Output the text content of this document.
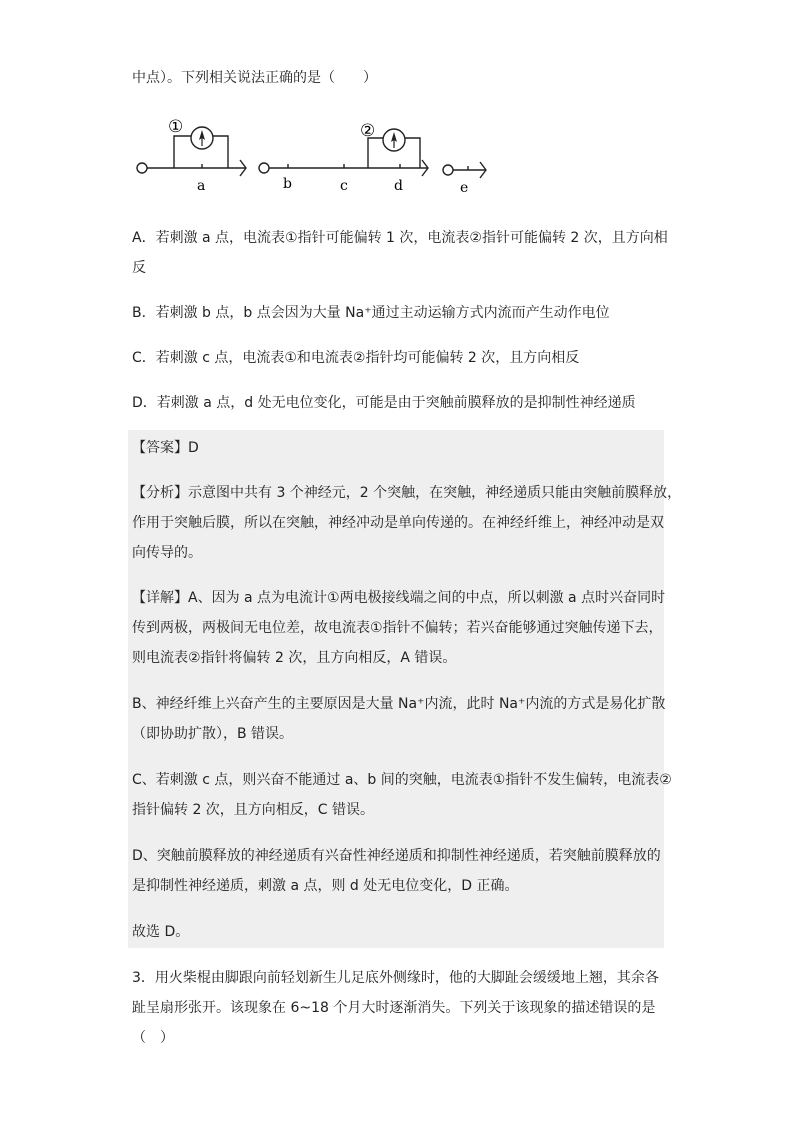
中点）。下列相关说法正确的是（　　）
①	②
a	b	c	d	e
A．若刺激 a 点，电流表①指针可能偏转 1 次，电流表②指针可能偏转 2 次，且方向相
反
B．若刺激 b 点，b 点会因为大量 Na⁺通过主动运输方式内流而产生动作电位
C．若刺激 c 点，电流表①和电流表②指针均可能偏转 2 次，且方向相反
D．若刺激 a 点，d 处无电位变化，可能是由于突触前膜释放的是抑制性神经递质
【答案】D
【分析】示意图中共有 3 个神经元，2 个突触，在突触，神经递质只能由突触前膜释放，
作用于突触后膜，所以在突触，神经冲动是单向传递的。在神经纤维上，神经冲动是双
向传导的。
【详解】A、因为 a 点为电流计①两电极接线端之间的中点，所以刺激 a 点时兴奋同时
传到两极，两极间无电位差，故电流表①指针不偏转；若兴奋能够通过突触传递下去，
则电流表②指针将偏转 2 次，且方向相反，A 错误。
B、神经纤维上兴奋产生的主要原因是大量 Na⁺内流，此时 Na⁺内流的方式是易化扩散
（即协助扩散），B 错误。
C、若刺激 c 点，则兴奋不能通过 a、b 间的突触，电流表①指针不发生偏转，电流表②
指针偏转 2 次，且方向相反，C 错误。
D、突触前膜释放的神经递质有兴奋性神经递质和抑制性神经递质，若突触前膜释放的
是抑制性神经递质，刺激 a 点，则 d 处无电位变化，D 正确。
故选 D。
3．用火柴棍由脚跟向前轻划新生儿足底外侧缘时，他的大脚趾会缓缓地上翘，其余各
趾呈扇形张开。该现象在 6~18 个月大时逐渐消失。下列关于该现象的描述错误的是
（　）
